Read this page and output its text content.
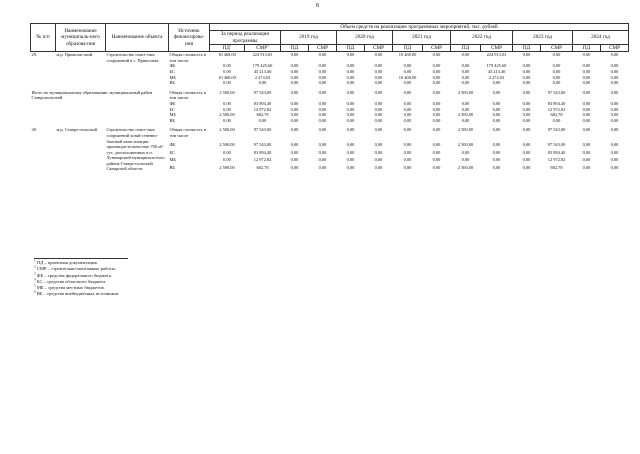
8
№ п/п	Наименование муниципаль-ного образова-ния	Наименование объекта	Источник финансирова-ния	Объем средств на реализацию программных мероприятий, тыс. рублей													
				За период реализации программы		2019 год		2020 год		2021 год		2022 год		2023 год		2024 год	
				$ПД^1$	СМР$^2$	ПД	СМР	ПД	СМР	ПД	СМР	ПД	СМР	ПД	СМР	ПД	СМР
29.	м.р. Приволж-ский	Строительство очист-ных сооружений в с. Приволжье	Общая стоимость в том числе:	10 468,00	224 913,03	0,00	0,00	0,00	0,00	10 468,00	0,00	0,00	224 913,03	0,00	0,00	0,00	0,00
			ФБ	0,00	179 425,60	0,00	0,00	0,00	0,00	0,00	0,00	0,00	179 425,60	0,00	0,00	0,00	0,00
			БС	0,00	43 213,40	0,00	0,00	0,00	0,00	0,00	0,00	0,00	43 213,40	0,00	0,00	0,00	0,00
			МБ	10 468,00	2 274,03	0,00	0,00	0,00	0,00	10 468,00	0,00	0,00	2 274,03	0,00	0,00	0,00	0,00
			ВБ	0,00	0,00	0,00	0,00	0,00	0,00	0,00	0,00	0,00	0,00	0,00	0,00	0,00	0,00

Итого по муниципальному образованию: муниципальный район Ставропольский			Общая стоимость в том числе:	2 500,00	97 543,00	0,00	0,00	0,00	0,00	0,00	0,00	2 500,00	0,00	0,00	97 543,00	0,00	0,00
			ФБ	0,00	83 894,40	0,00	0,00	0,00	0,00	0,00	0,00	0,00	0,00	0,00	83 894,40	0,00	0,00
			БС	0,00	12 972,82	0,00	0,00	0,00	0,00	0,00	0,00	0,00	0,00	0,00	12 972,82	0,00	0,00
			МБ	2 500,00	682,78	0,00	0,00	0,00	0,00	0,00	0,00	2 500,00	0,00	0,00	682,78	0,00	0,00
			ВБ	0,00	0,00	0,00	0,00	0,00	0,00	0,00	0,00	0,00	0,00	0,00	0,00	0,00	0,00

30.	м.р. Ставро-польский	Строительство очист-ных сооружений хозяй-ственно-бытовой кана-лизации производи-тельностью 700 м³/сут., расположенных в п. Луначарский муниципаль-ного района Ставро-польский Самарской области	Общая стоимость в том числе:	2 500,00	97 543,00	0,00	0,00	0,00	0,00	0,00	0,00	2 500,00	0,00	0,00	97 543,00	0,00	0,00
			ФБ	2 500,00	97 543,00	0,00	0,00	0,00	0,00	0,00	0,00	2 500,00	0,00	0,00	97 543,00	0,00	0,00
			БС	0,00	83 894,40	0,00	0,00	0,00	0,00	0,00	0,00	0,00	0,00	0,00	83 894,40	0,00	0,00
			МБ	0,00	12 972,82	0,00	0,00	0,00	0,00	0,00	0,00	0,00	0,00	0,00	12 972,82	0,00	0,00
			ВБ	2 500,00	682,78	0,00	0,00	0,00	0,00	0,00	0,00	2 500,00	0,00	0,00	682,78	0,00	0,00
$^1$ ПД – проектная документация.
$^2$ СМР – строительно-монтажные работы.
$^3$ ФБ – средства федерального бюджета.
$^4$ БС – средства областного бюджета.
$^5$ МБ – средства местных бюджетов.
$^6$ ВБ – средства внебюджетных источников.
